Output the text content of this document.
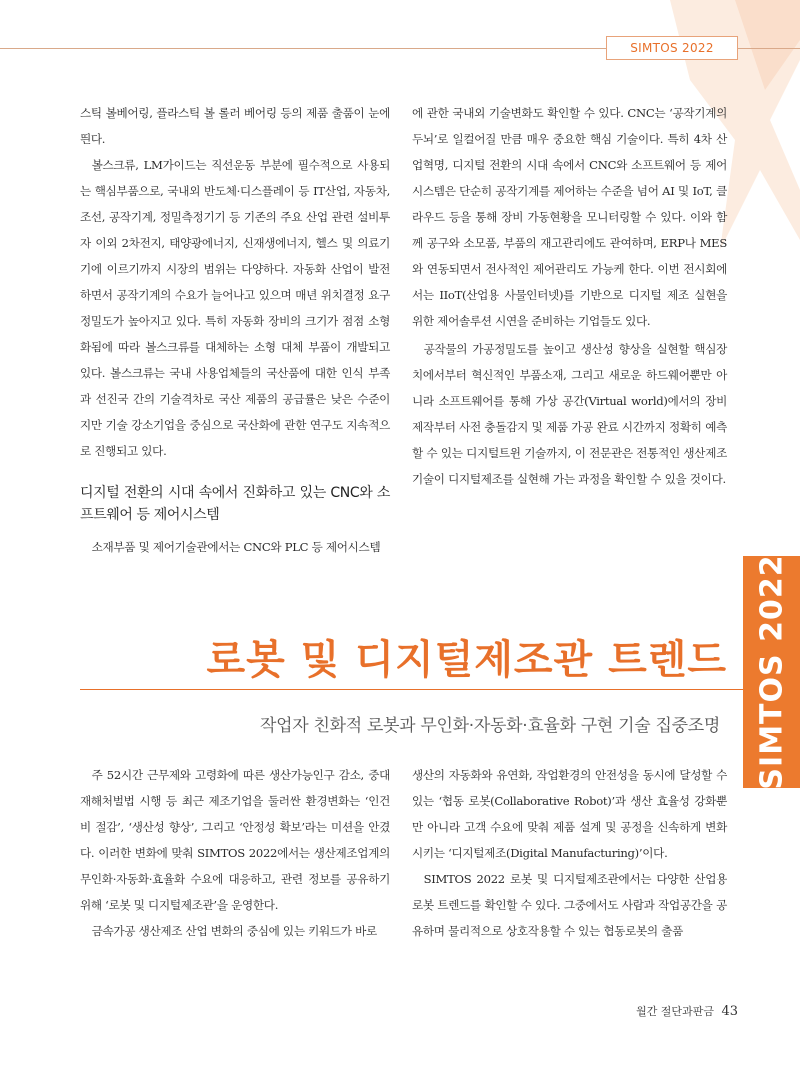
SIMTOS 2022

스틱 볼베어링, 플라스틱 볼 롤러 베어링 등의 제품 출품이 눈에 띈다.

볼스크류, LM가이드는 직선운동 부분에 필수적으로 사용되는 핵심부품으로, 국내외 반도체·디스플레이 등 IT산업, 자동차, 조선, 공작기계, 정밀측정기기 등 기존의 주요 산업 관련 설비투자 이외 2차전지, 태양광에너지, 신재생에너지, 헬스 및 의료기기에 이르기까지 시장의 범위는 다양하다. 자동화 산업이 발전하면서 공작기계의 수요가 늘어나고 있으며 매년 위치결정 요구 정밀도가 높아지고 있다. 특히 자동화 장비의 크기가 점점 소형화됨에 따라 볼스크류를 대체하는 소형 대체 부품이 개발되고 있다. 볼스크류는 국내 사용업체들의 국산품에 대한 인식 부족과 선진국 간의 기술격차로 국산 제품의 공급률은 낮은 수준이지만 기술 강소기업을 중심으로 국산화에 관한 연구도 지속적으로 진행되고 있다.

디지털 전환의 시대 속에서 진화하고 있는 CNC와 소프트웨어 등 제어시스템

소재부품 및 제어기술관에서는 CNC와 PLC 등 제어시스템

에 관한 국내외 기술변화도 확인할 수 있다. CNC는 ‘공작기계의 두뇌’로 일컬어질 만큼 매우 중요한 핵심 기술이다. 특히 4차 산업혁명, 디지털 전환의 시대 속에서 CNC와 소프트웨어 등 제어시스템은 단순히 공작기계를 제어하는 수준을 넘어 AI 및 IoT, 클라우드 등을 통해 장비 가동현황을 모니터링할 수 있다. 이와 함께 공구와 소모품, 부품의 재고관리에도 관여하며, ERP나 MES와 연동되면서 전사적인 제어관리도 가능케 한다. 이번 전시회에서는 IIoT(산업용 사물인터넷)를 기반으로 디지털 제조 실현을 위한 제어솔루션 시연을 준비하는 기업들도 있다.

공작물의 가공정밀도를 높이고 생산성 향상을 실현할 핵심장치에서부터 혁신적인 부품소재, 그리고 새로운 하드웨어뿐만 아니라 소프트웨어를 통해 가상 공간(Virtual world)에서의 장비 제작부터 사전 충돌감지 및 제품 가공 완료 시간까지 정확히 예측할 수 있는 디지털트윈 기술까지, 이 전문관은 전통적인 생산제조기술이 디지털제조를 실현해 가는 과정을 확인할 수 있을 것이다.

SIMTOS 2022
로봇 및 디지털제조관 트렌드
작업자 친화적 로봇과 무인화·자동화·효율화 구현 기술 집중조명

주 52시간 근무제와 고령화에 따른 생산가능인구 감소, 중대재해처벌법 시행 등 최근 제조기업을 둘러싼 환경변화는 ‘인건비 절감’, ‘생산성 향상’, 그리고 ‘안정성 확보’라는 미션을 안겼다. 이러한 변화에 맞춰 SIMTOS 2022에서는 생산제조업계의 무인화·자동화·효율화 수요에 대응하고, 관련 정보를 공유하기 위해 ‘로봇 및 디지털제조관’을 운영한다.

금속가공 생산제조 산업 변화의 중심에 있는 키워드가 바로

생산의 자동화와 유연화, 작업환경의 안전성을 동시에 달성할 수 있는 ‘협동 로봇(Collaborative Robot)’과 생산 효율성 강화뿐만 아니라 고객 수요에 맞춰 제품 설계 및 공정을 신속하게 변화시키는 ‘디지털제조(Digital Manufacturing)’이다.

SIMTOS 2022 로봇 및 디지털제조관에서는 다양한 산업용 로봇 트렌드를 확인할 수 있다. 그중에서도 사람과 작업공간을 공유하며 물리적으로 상호작용할 수 있는 협동로봇의 출품

월간 절단과판금 43
